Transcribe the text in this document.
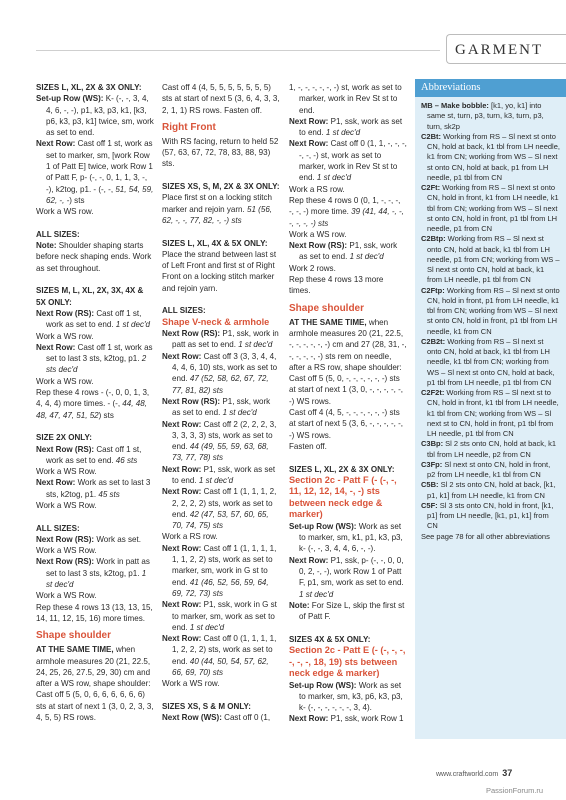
GARMENT
SIZES L, XL, 2X & 3X ONLY:
Set-up Row (WS): K- (-, -, 3, 4, 4, 6, -, -), p1, k3, p3, k1, [k3, p6, k3, p3, k1] twice, sm, work as set to end.
Next Row: Cast off 1 st, work as set to marker, sm, [work Row 1 of Patt E] twice, work Row 1 of Patt F, p- (-, -, 0, 1, 1, 3, -, -), k2tog, p1. - (-, -, 51, 54, 59, 62, -, -) sts
Work a WS row.
ALL SIZES:
Note: Shoulder shaping starts before neck shaping ends. Work as set throughout.
SIZES M, L, XL, 2X, 3X, 4X & 5X ONLY:
Next Row (RS): Cast off 1 st, work as set to end. 1 st dec'd
Work a WS row.
Next Row: Cast off 1 st, work as set to last 3 sts, k2tog, p1. 2 sts dec'd
Work a WS row.
Rep these 4 rows - (-, 0, 0, 1, 3, 4, 4, 4) more times. - (-, 44, 48, 48, 47, 47, 51, 52) sts
SIZE 2X ONLY:
Next Row (RS): Cast off 1 st, work as set to end. 46 sts
Work a WS Row.
Next Row: Work as set to last 3 sts, k2tog, p1. 45 sts
Work a WS Row.
ALL SIZES:
Next Row (RS): Work as set.
Work a WS Row.
Next Row (RS): Work in patt as set to last 3 sts, k2tog, p1. 1 st dec'd
Work a WS Row.
Rep these 4 rows 13 (13, 13, 15, 14, 11, 12, 15, 16) more times.
Shape shoulder
AT THE SAME TIME, when armhole measures 20 (21, 22.5, 24, 25, 26, 27.5, 29, 30) cm and after a WS row, shape shoulder:
Cast off 5 (5, 0, 6, 6, 6, 6, 6, 6) sts at start of next 1 (3, 0, 2, 3, 3, 4, 5, 5) RS rows.
Cast off 4 (4, 5, 5, 5, 5, 5, 5, 5) sts at start of next 5 (3, 6, 4, 3, 3, 2, 1, 1) RS rows. Fasten off.
Right Front
With RS facing, return to held 52 (57, 63, 67, 72, 78, 83, 88, 93) sts.
SIZES XS, S, M, 2X & 3X ONLY:
Place first st on a locking stitch marker and rejoin yarn. 51 (56, 62, -, -, 77, 82, -, -) sts
SIZES L, XL, 4X & 5X ONLY:
Place the strand between last st of Left Front and first st of Right Front on a locking stitch marker and rejoin yarn.
ALL SIZES:
Shape V-neck & armhole
Next Row (RS): P1, ssk, work in patt as set to end. 1 st dec'd
Next Row: Cast off 3 (3, 3, 4, 4, 4, 4, 6, 10) sts, work as set to end. 47 (52, 58, 62, 67, 72, 77, 81, 82) sts
Next Row (RS): P1, ssk, work as set to end. 1 st dec'd
Next Row: Cast off 2 (2, 2, 2, 3, 3, 3, 3, 3) sts, work as set to end. 44 (49, 55, 59, 63, 68, 73, 77, 78) sts
Next Row: P1, ssk, work as set to end. 1 st dec'd
Next Row: Cast off 1 (1, 1, 1, 2, 2, 2, 2, 2) sts, work as set to end. 42 (47, 53, 57, 60, 65, 70, 74, 75) sts
Work a RS row.
Next Row: Cast off 1 (1, 1, 1, 1, 1, 1, 2, 2) sts, work as set to marker, sm, work in G st to end. 41 (46, 52, 56, 59, 64, 69, 72, 73) sts
Next Row: P1, ssk, work in G st to marker, sm, work as set to end. 1 st dec'd
Next Row: Cast off 0 (1, 1, 1, 1, 1, 2, 2, 2) sts, work as set to end. 40 (44, 50, 54, 57, 62, 66, 69, 70) sts
Work a WS row.
SIZES XS, S & M ONLY:
Next Row (WS): Cast off 0 (1,
1, -, -, -, -, -, -) st, work as set to marker, work in Rev St st to end.
Next Row: P1, ssk, work as set to end. 1 st dec'd
Next Row: Cast off 0 (1, 1, -, -, -, -, -, -) st, work as set to marker, work in Rev St st to end. 1 st dec'd
Work a RS row.
Rep these 4 rows 0 (0, 1, -, -, -, -, -, -) more time. 39 (41, 44, -, -, -, -, -, -) sts
Work a WS row.
Next Row (RS): P1, ssk, work as set to end. 1 st dec'd
Work 2 rows.
Rep these 4 rows 13 more times.
Shape shoulder
AT THE SAME TIME, when armhole measures 20 (21, 22.5, -, -, -, -, -, -) cm and 27 (28, 31, -, -, -, -, -, -) sts rem on needle, after a RS row, shape shoulder:
Cast off 5 (5, 0, -, -, -, -, -, -) sts at start of next 1 (3, 0, -, -, -, -, -, -) WS rows.
Cast off 4 (4, 5, -, -, -, -, -, -) sts at start of next 5 (3, 6, -, -, -, -, -, -) WS rows.
Fasten off.
SIZES L, XL, 2X & 3X ONLY:
Section 2c - Patt F (- (-, -, 11, 12, 12, 14, -, -) sts between neck edge & marker)
Set-up Row (WS): Work as set to marker, sm, k1, p1, k3, p3, k- (-, -, 3, 4, 4, 6, -, -).
Next Row: P1, ssk, p- (-, -, 0, 0, 0, 2, -, -), work Row 1 of Patt F, p1, sm, work as set to end. 1 st dec'd
Note: For Size L, skip the first st of Patt F.
SIZES 4X & 5X ONLY:
Section 2c - Patt E (- (-, -, -, -, -, -, 18, 19) sts between neck edge & marker)
Set-up Row (WS): Work as set to marker, sm, k3, p6, k3, p3, k- (-, -, -, -, -, -, 3, 4).
Next Row: P1, ssk, work Row 1
Abbreviations
MB – Make bobble: [k1, yo, k1] into same st, turn, p3, turn, k3, turn, p3, turn, sk2p
C2Bt: Working from RS – Sl next st onto CN, hold at back, k1 tbl from LH needle, k1 from CN; working from WS – Sl next st onto CN, hold at back, p1 from LH needle, p1 tbl from CN
C2Ft: Working from RS – Sl next st onto CN, hold in front, k1 from LH needle, k1 tbl from CN; working from WS – Sl next st onto CN, hold in front, p1 tbl from LH needle, p1 from CN
C2Btp: Working from RS – Sl next st onto CN, hold at back, k1 tbl from LH needle, p1 from CN; working from WS – Sl next st onto CN, hold at back, k1 from LH needle, p1 tbl from CN
C2Ftp: Working from RS – Sl next st onto CN, hold in front, p1 from LH needle, k1 tbl from CN; working from WS – Sl next st onto CN, hold in front, p1 tbl from LH needle, k1 from CN
C2B2t: Working from RS – Sl next st onto CN, hold at back, k1 tbl from LH needle, k1 tbl from CN; working from WS – Sl next st onto CN, hold at back, p1 tbl from LH needle, p1 tbl from CN
C2F2t: Working from RS – Sl next st to CN, hold in front, k1 tbl from LH needle, k1 tbl from CN; working from WS – Sl next st to CN, hold in front, p1 tbl from LH needle, p1 tbl from CN
C3Bp: Sl 2 sts onto CN, hold at back, k1 tbl from LH needle, p2 from CN
C3Fp: Sl next st onto CN, hold in front, p2 from LH needle, k1 tbl from CN
C5B: Sl 2 sts onto CN, hold at back, [k1, p1, k1] from LH needle, k1 from CN
C5F: Sl 3 sts onto CN, hold in front, [k1, p1] from LH needle, [k1, p1, k1] from CN
See page 78 for all other abbreviations
www.craftworld.com 37
PassionForum.ru
